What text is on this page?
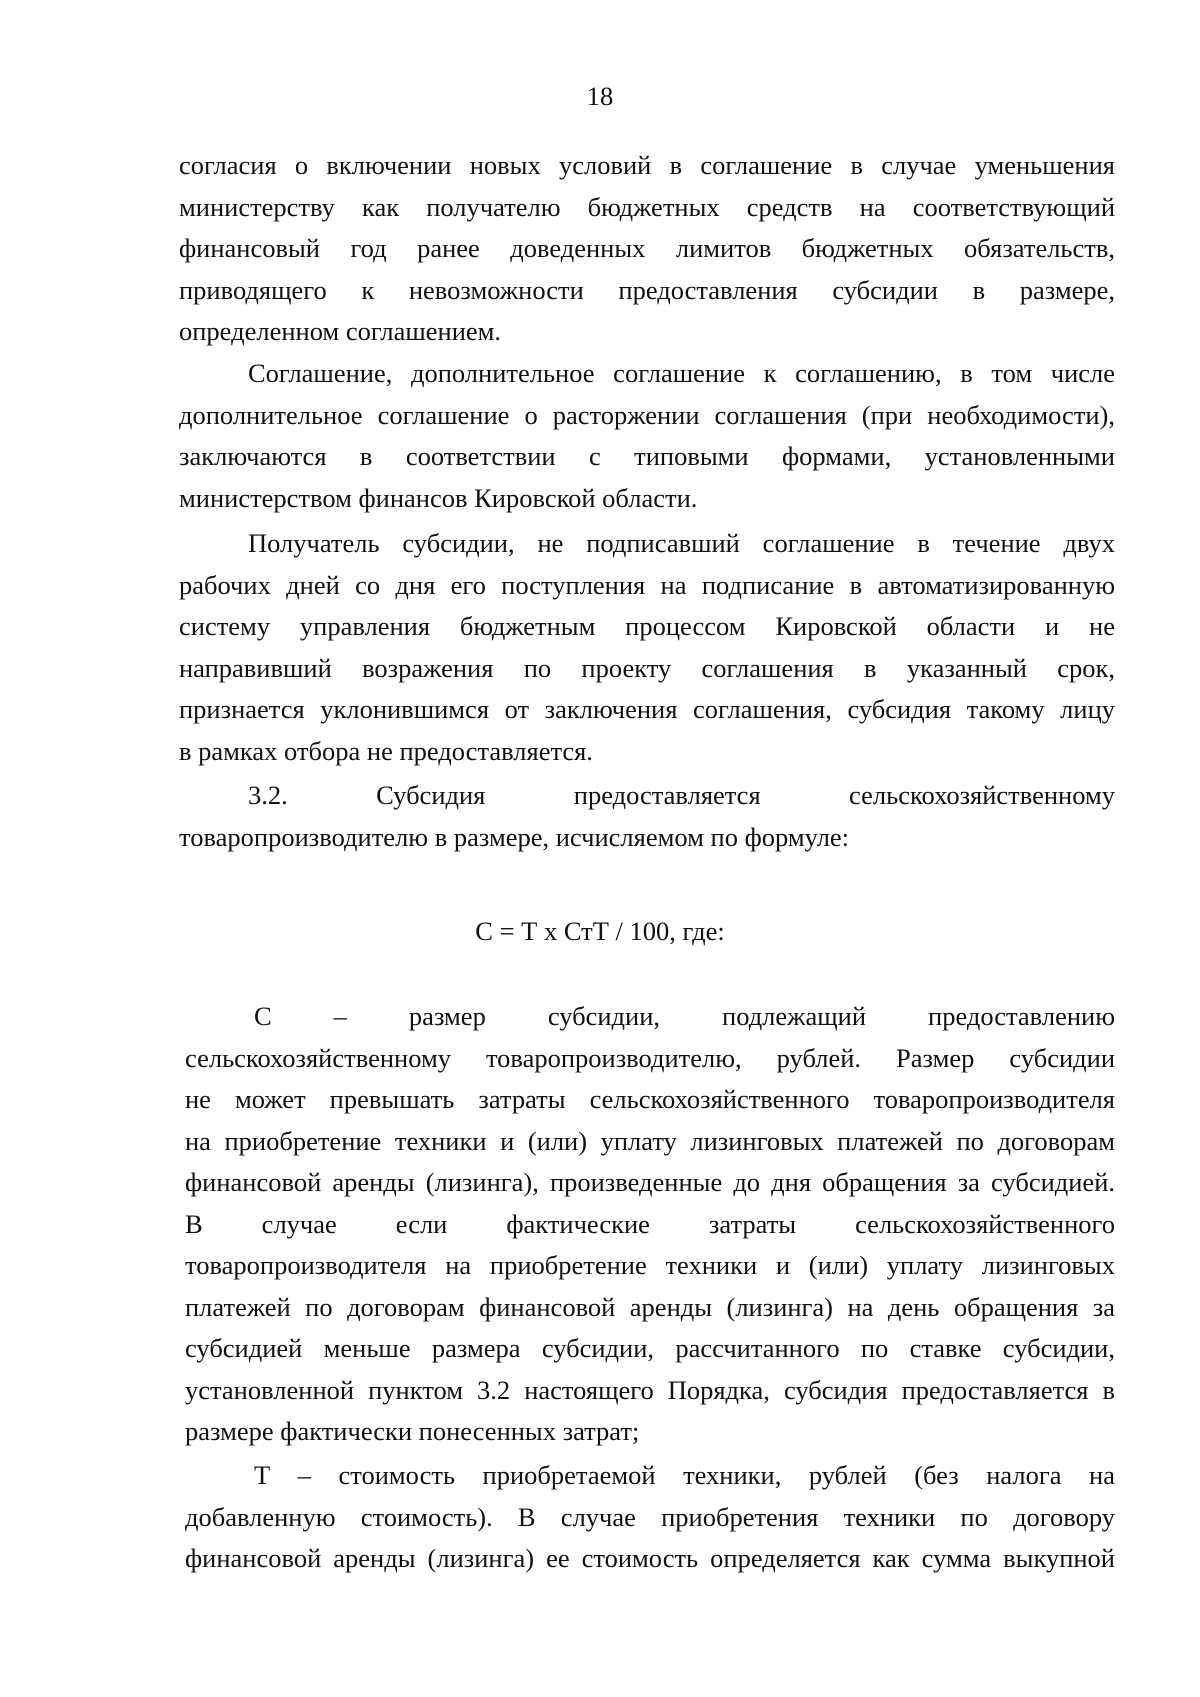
18

согласия о включении новых условий в соглашение в случае уменьшения
министерству как получателю бюджетных средств на соответствующий
финансовый год ранее доведенных лимитов бюджетных обязательств,
приводящего к невозможности предоставления субсидии в размере,
определенном соглашением.

Соглашение, дополнительное соглашение к соглашению, в том числе
дополнительное соглашение о расторжении соглашения (при необходимости),
заключаются в соответствии с типовыми формами, установленными
министерством финансов Кировской области.

Получатель субсидии, не подписавший соглашение в течение двух
рабочих дней со дня его поступления на подписание в автоматизированную
систему управления бюджетным процессом Кировской области и не
направивший возражения по проекту соглашения в указанный срок,
признается уклонившимся от заключения соглашения, субсидия такому лицу
в рамках отбора не предоставляется.

3.2. Субсидия предоставляется сельскохозяйственному
товаропроизводителю в размере, исчисляемом по формуле:

С = Т х СтТ / 100, где:

С – размер субсидии, подлежащий предоставлению
сельскохозяйственному товаропроизводителю, рублей. Размер субсидии
не может превышать затраты сельскохозяйственного товаропроизводителя
на приобретение техники и (или) уплату лизинговых платежей по договорам
финансовой аренды (лизинга), произведенные до дня обращения за субсидией.
В случае если фактические затраты сельскохозяйственного
товаропроизводителя на приобретение техники и (или) уплату лизинговых
платежей по договорам финансовой аренды (лизинга) на день обращения за
субсидией меньше размера субсидии, рассчитанного по ставке субсидии,
установленной пунктом 3.2 настоящего Порядка, субсидия предоставляется в
размере фактически понесенных затрат;

Т – стоимость приобретаемой техники, рублей (без налога на
добавленную стоимость). В случае приобретения техники по договору
финансовой аренды (лизинга) ее стоимость определяется как сумма выкупной
